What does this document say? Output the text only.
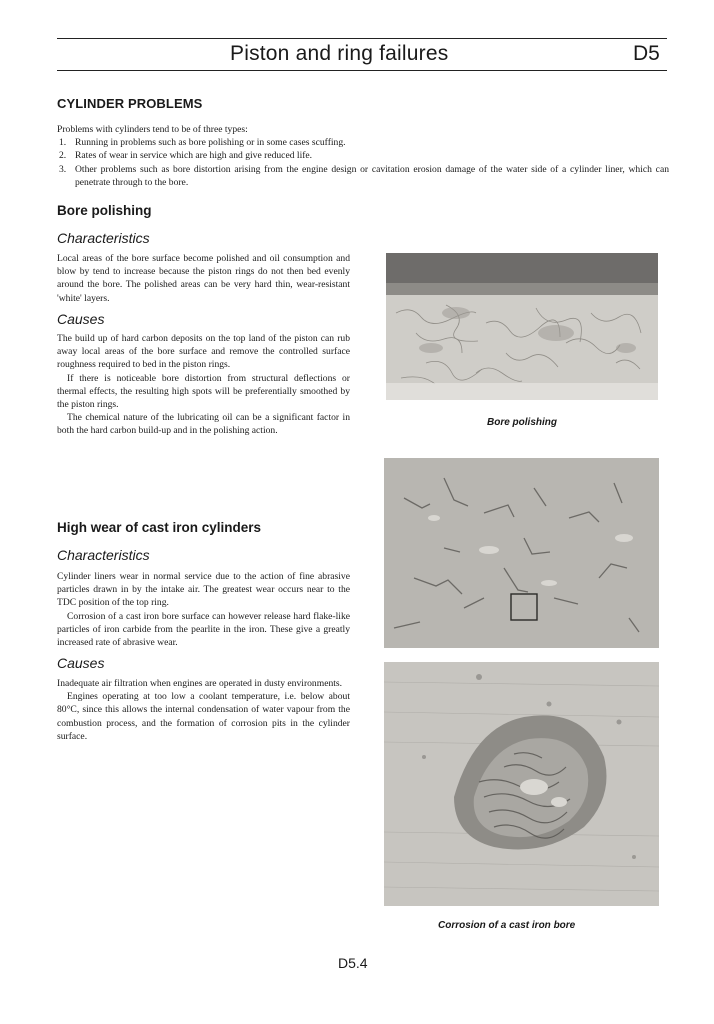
Piston and ring failures	D5
CYLINDER PROBLEMS

Problems with cylinders tend to be of three types:

1. Running in problems such as bore polishing or in some cases scuffing.
2. Rates of wear in service which are high and give reduced life.
3. Other problems such as bore distortion arising from the engine design or cavitation erosion damage of the water side of a cylinder liner, which can penetrate through to the bore.
Bore polishing
Characteristics

Local areas of the bore surface become polished and oil consumption and blow by tend to increase because the piston rings do not then bed evenly around the bore. The polished areas can be very hard thin, wear-resistant 'white' layers.

Causes

The build up of hard carbon deposits on the top land of the piston can rub away local areas of the bore surface and remove the controlled surface roughness required to bed in the piston rings.

If there is noticeable bore distortion from structural deflections or thermal effects, the resulting high spots will be preferentially smoothed by the piston rings.

The chemical nature of the lubricating oil can be a significant factor in both the hard carbon build-up and in the polishing action.

High wear of cast iron cylinders
Characteristics

Cylinder liners wear in normal service due to the action of fine abrasive particles drawn in by the intake air. The greatest wear occurs near to the TDC position of the top ring.

Corrosion of a cast iron bore surface can however release hard flake-like particles of iron carbide from the pearlite in the iron. These give a greatly increased rate of abrasive wear.

Causes

Inadequate air filtration when engines are operated in dusty environments.

Engines operating at too low a coolant temperature, i.e. below about 80°C, since this allows the internal condensation of water vapour from the combustion process, and the formation of corrosion pits in the cylinder surface.

Bore polishing
Corrosion of a cast iron bore
D5.4
